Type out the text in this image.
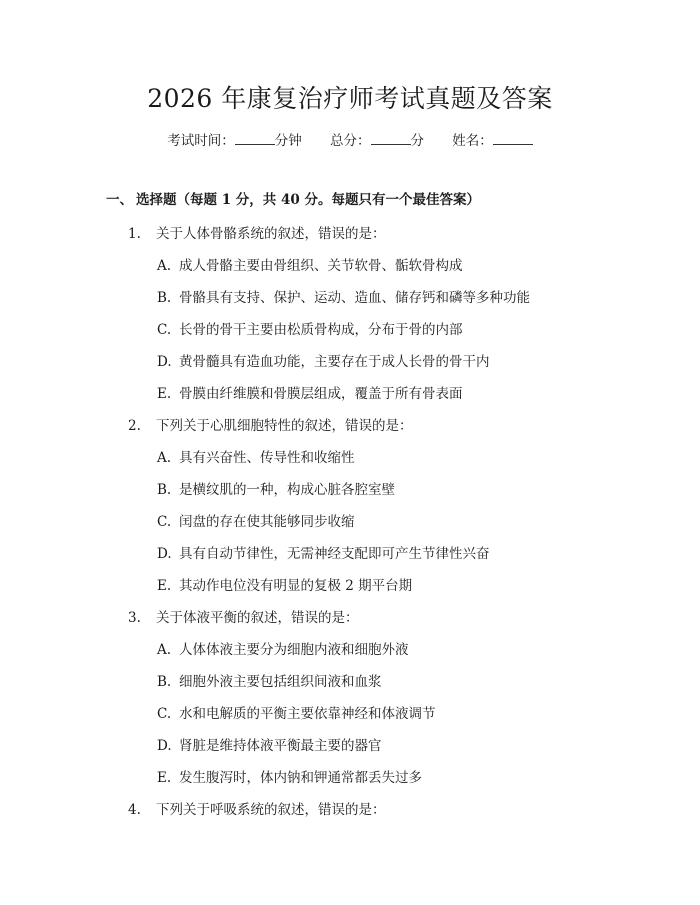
2026 年康复治疗师考试真题及答案
考试时间：	分钟 总分：	分 姓名：
一、 选择题（每题 1 分，共 40 分。每题只有一个最佳答案）
1. 关于人体骨骼系统的叙述，错误的是：
A. 成人骨骼主要由骨组织、关节软骨、骺软骨构成
B. 骨骼具有支持、保护、运动、造血、储存钙和磷等多种功能
C. 长骨的骨干主要由松质骨构成，分布于骨的内部
D. 黄骨髓具有造血功能，主要存在于成人长骨的骨干内
E. 骨膜由纤维膜和骨膜层组成，覆盖于所有骨表面
2. 下列关于心肌细胞特性的叙述，错误的是：
A. 具有兴奋性、传导性和收缩性
B. 是横纹肌的一种，构成心脏各腔室壁
C. 闰盘的存在使其能够同步收缩
D. 具有自动节律性，无需神经支配即可产生节律性兴奋
E. 其动作电位没有明显的复极 2 期平台期
3. 关于体液平衡的叙述，错误的是：
A. 人体体液主要分为细胞内液和细胞外液
B. 细胞外液主要包括组织间液和血浆
C. 水和电解质的平衡主要依靠神经和体液调节
D. 肾脏是维持体液平衡最主要的器官
E. 发生腹泻时，体内钠和钾通常都丢失过多
4. 下列关于呼吸系统的叙述，错误的是：
